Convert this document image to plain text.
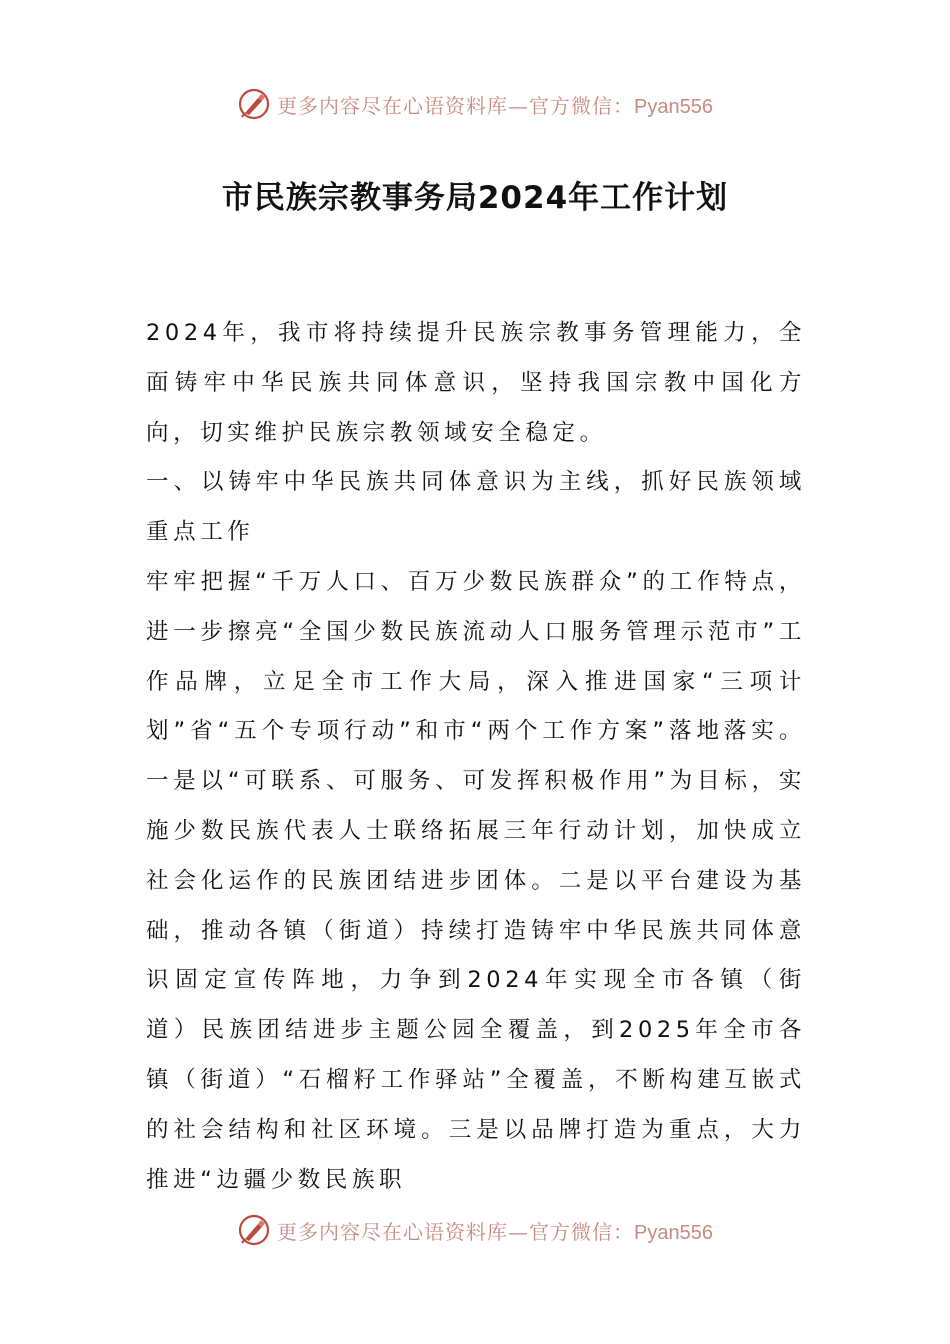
更多内容尽在心语资料库—官方微信：Pyan556
市民族宗教事务局2024年工作计划

2024年，我市将持续提升民族宗教事务管理能力，全面铸牢中华民族共同体意识，坚持我国宗教中国化方向，切实维护民族宗教领域安全稳定。

一、以铸牢中华民族共同体意识为主线，抓好民族领域重点工作

牢牢把握“千万人口、百万少数民族群众”的工作特点，进一步擦亮“全国少数民族流动人口服务管理示范市”工作品牌，立足全市工作大局，深入推进国家“三项计划”省“五个专项行动”和市“两个工作方案”落地落实。一是以“可联系、可服务、可发挥积极作用”为目标，实施少数民族代表人士联络拓展三年行动计划，加快成立社会化运作的民族团结进步团体。二是以平台建设为基础，推动各镇（街道）持续打造铸牢中华民族共同体意识固定宣传阵地，力争到2024年实现全市各镇（街道）民族团结进步主题公园全覆盖，到2025年全市各镇（街道）“石榴籽工作驿站”全覆盖，不断构建互嵌式的社会结构和社区环境。三是以品牌打造为重点，大力推进“边疆少数民族职

更多内容尽在心语资料库—官方微信：Pyan556
